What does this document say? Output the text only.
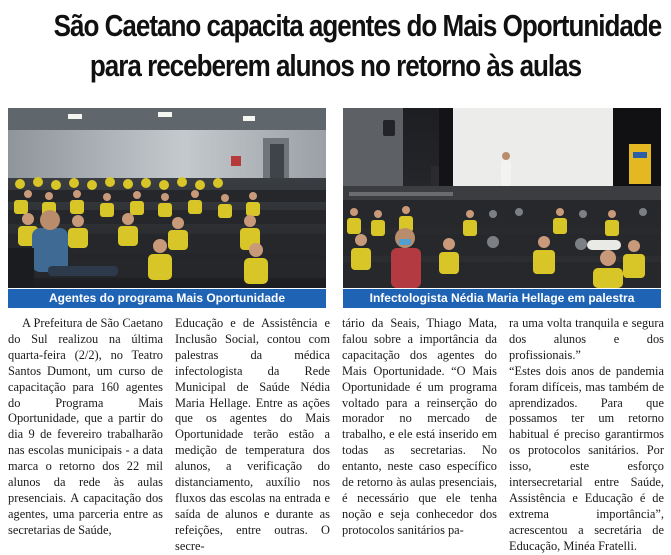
São Caetano capacita agentes do Mais Oportunidade
para receberem alunos no retorno às aulas
Agentes do programa Mais Oportunidade	Infectologista Nédia Maria Hellage em palestra

A Prefeitura de São Caetano do Sul realizou na última quarta-feira (2/2), no Teatro Santos Dumont, um curso de capacitação para 160 agentes do Programa Mais Oportunidade, que a partir do dia 9 de fevereiro trabalharão nas escolas municipais - a data marca o retorno dos 22 mil alunos da rede às aulas presenciais. A capacitação dos agentes, uma parceria entre as secretarias de Saúde,

Educação e de Assistência e Inclusão Social, contou com palestras da médica infectologista da Rede Municipal de Saúde Nédia Maria Hellage. Entre as ações que os agentes do Mais Oportunidade terão estão a medição de temperatura dos alunos, a verificação do distanciamento, auxílio nos fluxos das escolas na entrada e saída de alunos e durante as refeições, entre outras. O secre-

tário da Seais, Thiago Mata, falou sobre a importância da capacitação dos agentes do Mais Oportunidade. “O Mais Oportunidade é um programa voltado para a reinserção do morador no mercado de trabalho, e ele está inserido em todas as secretarias. No entanto, neste caso específico de retorno às aulas presenciais, é necessário que ele tenha noção e seja conhecedor dos protocolos sanitários pa-

ra uma volta tranquila e segura dos alunos e dos profissionais.”

“Estes dois anos de pandemia foram difíceis, mas também de aprendizados. Para que possamos ter um retorno habitual é preciso garantirmos os protocolos sanitários. Por isso, este esforço intersecretarial entre Saúde, Assistência e Educação é de extrema importância”, acrescentou a secretária de Educação, Minéa Fratelli.
